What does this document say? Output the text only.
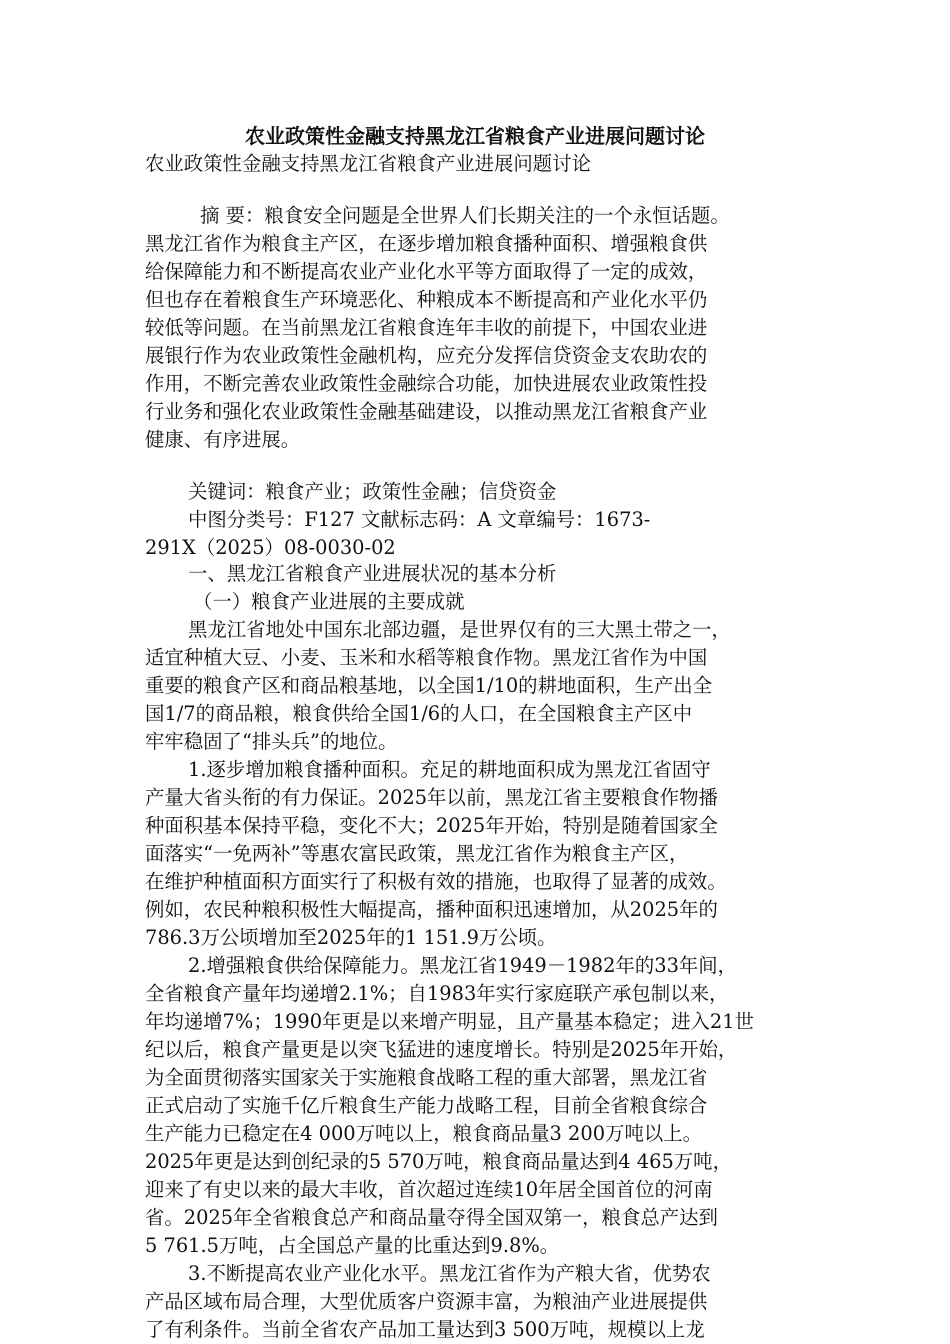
农业政策性金融支持黑龙江省粮食产业进展问题讨论
农业政策性金融支持黑龙江省粮食产业进展问题讨论
摘 要：粮食安全问题是全世界人们长期关注的一个永恒话题。
黑龙江省作为粮食主产区，在逐步增加粮食播种面积、增强粮食供
给保障能力和不断提高农业产业化水平等方面取得了一定的成效，
但也存在着粮食生产环境恶化、种粮成本不断提高和产业化水平仍
较低等问题。在当前黑龙江省粮食连年丰收的前提下，中国农业进
展银行作为农业政策性金融机构，应充分发挥信贷资金支农助农的
作用，不断完善农业政策性金融综合功能，加快进展农业政策性投
行业务和强化农业政策性金融基础建设，以推动黑龙江省粮食产业
健康、有序进展。
关键词：粮食产业；政策性金融；信贷资金
中图分类号：F127 文献标志码：A 文章编号：1673-
291X（2025）08-0030-02
一、黑龙江省粮食产业进展状况的基本分析
（一）粮食产业进展的主要成就
黑龙江省地处中国东北部边疆，是世界仅有的三大黑土带之一，
适宜种植大豆、小麦、玉米和水稻等粮食作物。黑龙江省作为中国
重要的粮食产区和商品粮基地，以全国1/10的耕地面积，生产出全
国1/7的商品粮，粮食供给全国1/6的人口，在全国粮食主产区中
牢牢稳固了“排头兵”的地位。
1.逐步增加粮食播种面积。充足的耕地面积成为黑龙江省固守
产量大省头衔的有力保证。2025年以前，黑龙江省主要粮食作物播
种面积基本保持平稳，变化不大；2025年开始，特别是随着国家全
面落实“一免两补”等惠农富民政策，黑龙江省作为粮食主产区，
在维护种植面积方面实行了积极有效的措施，也取得了显著的成效。
例如，农民种粮积极性大幅提高，播种面积迅速增加，从2025年的
786.3万公顷增加至2025年的1 151.9万公顷。
2.增强粮食供给保障能力。黑龙江省1949－1982年的33年间，
全省粮食产量年均递增2.1%；自1983年实行家庭联产承包制以来，
年均递增7%；1990年更是以来增产明显，且产量基本稳定；进入21世
纪以后，粮食产量更是以突飞猛进的速度增长。特别是2025年开始，
为全面贯彻落实国家关于实施粮食战略工程的重大部署，黑龙江省
正式启动了实施千亿斤粮食生产能力战略工程，目前全省粮食综合
生产能力已稳定在4 000万吨以上，粮食商品量3 200万吨以上。
2025年更是达到创纪录的5 570万吨，粮食商品量达到4 465万吨，
迎来了有史以来的最大丰收，首次超过连续10年居全国首位的河南
省。2025年全省粮食总产和商品量夺得全国双第一，粮食总产达到
5 761.5万吨，占全国总产量的比重达到9.8%。
3.不断提高农业产业化水平。黑龙江省作为产粮大省，优势农
产品区域布局合理，大型优质客户资源丰富，为粮油产业进展提供
了有利条件。当前全省农产品加工量达到3 500万吨，规模以上龙
